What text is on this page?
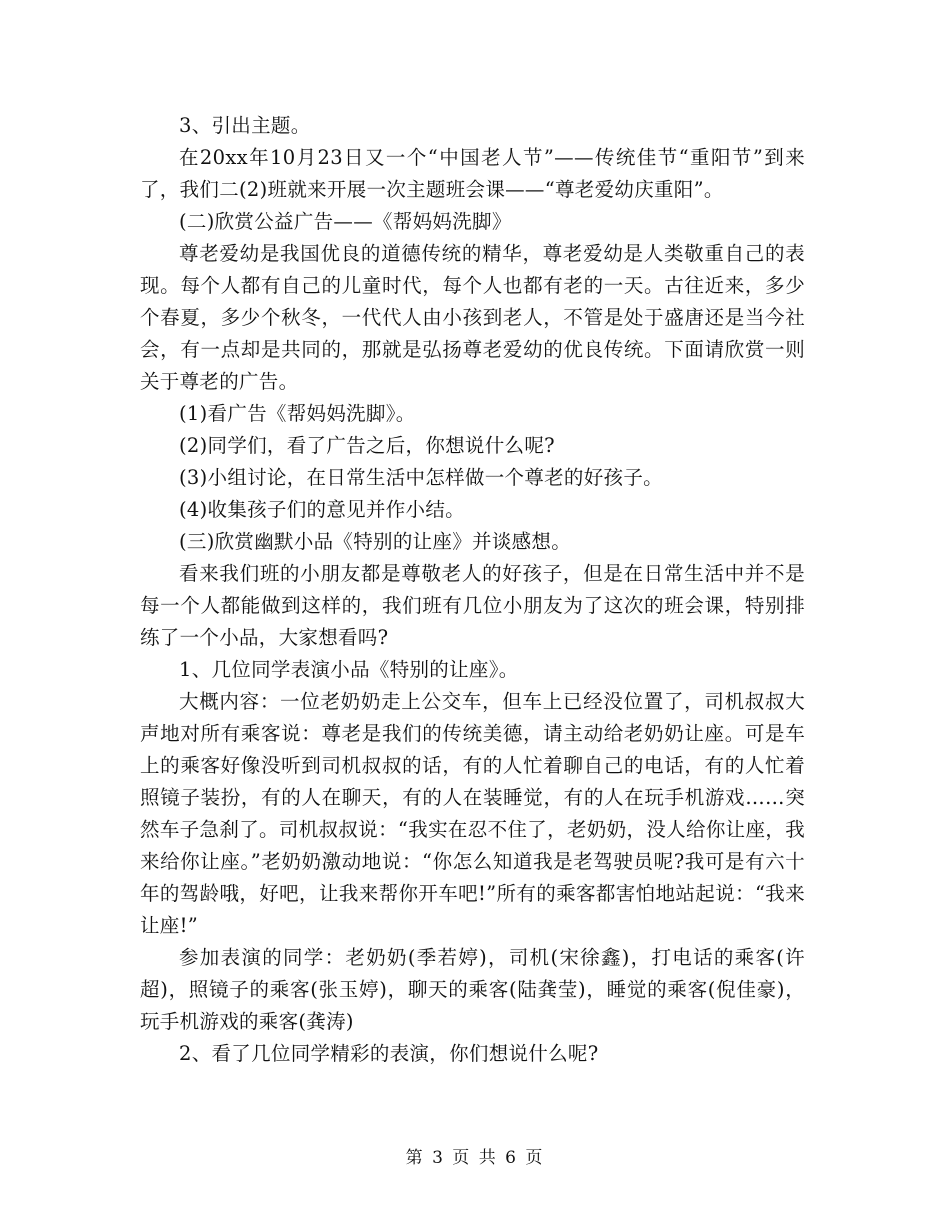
3、引出主题。

在20xx年10月23日又一个“中国老人节”——传统佳节“重阳节”到来了，我们二(2)班就来开展一次主题班会课——“尊老爱幼庆重阳”。

(二)欣赏公益广告——《帮妈妈洗脚》

尊老爱幼是我国优良的道德传统的精华，尊老爱幼是人类敬重自己的表现。每个人都有自己的儿童时代，每个人也都有老的一天。古往近来，多少个春夏，多少个秋冬，一代代人由小孩到老人，不管是处于盛唐还是当今社会，有一点却是共同的，那就是弘扬尊老爱幼的优良传统。下面请欣赏一则关于尊老的广告。

(1)看广告《帮妈妈洗脚》。

(2)同学们，看了广告之后，你想说什么呢?

(3)小组讨论，在日常生活中怎样做一个尊老的好孩子。

(4)收集孩子们的意见并作小结。

(三)欣赏幽默小品《特别的让座》并谈感想。

看来我们班的小朋友都是尊敬老人的好孩子，但是在日常生活中并不是每一个人都能做到这样的，我们班有几位小朋友为了这次的班会课，特别排练了一个小品，大家想看吗?

1、几位同学表演小品《特别的让座》。

大概内容：一位老奶奶走上公交车，但车上已经没位置了，司机叔叔大声地对所有乘客说：尊老是我们的传统美德，请主动给老奶奶让座。可是车上的乘客好像没听到司机叔叔的话，有的人忙着聊自己的电话，有的人忙着照镜子装扮，有的人在聊天，有的人在装睡觉，有的人在玩手机游戏……突然车子急刹了。司机叔叔说：“我实在忍不住了，老奶奶，没人给你让座，我来给你让座。”老奶奶激动地说：“你怎么知道我是老驾驶员呢?我可是有六十年的驾龄哦，好吧，让我来帮你开车吧!”所有的乘客都害怕地站起说：“我来让座!”

参加表演的同学：老奶奶(季若婷)，司机(宋徐鑫)，打电话的乘客(许超)，照镜子的乘客(张玉婷)，聊天的乘客(陆龚莹)，睡觉的乘客(倪佳豪)，玩手机游戏的乘客(龚涛)

2、看了几位同学精彩的表演，你们想说什么呢?

第 3 页 共 6 页
